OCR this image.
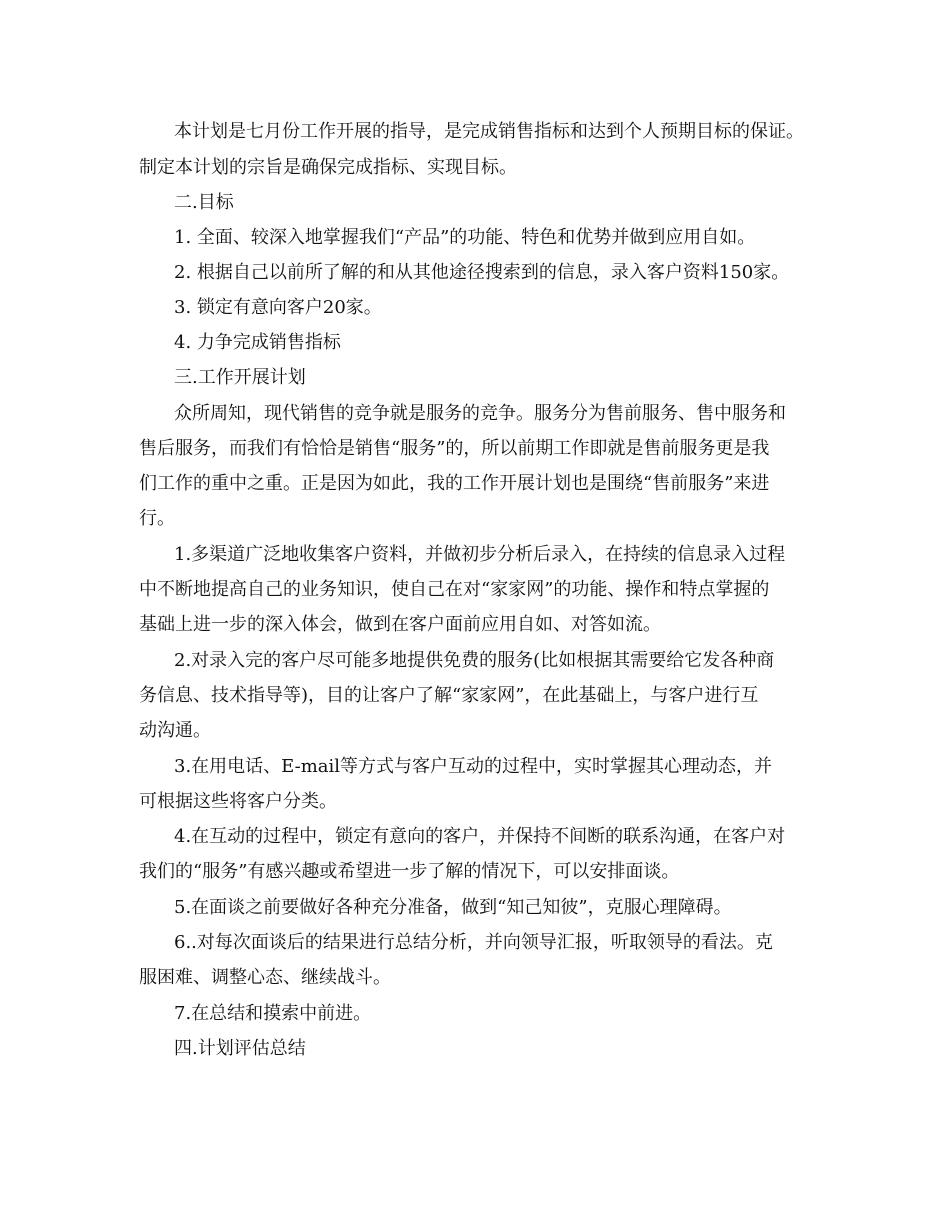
本计划是七月份工作开展的指导，是完成销售指标和达到个人预期目标的保证。
制定本计划的宗旨是确保完成指标、实现目标。
二.目标
1. 全面、较深入地掌握我们“产品”的功能、特色和优势并做到应用自如。
2. 根据自己以前所了解的和从其他途径搜索到的信息，录入客户资料150家。
3. 锁定有意向客户20家。
4. 力争完成销售指标
三.工作开展计划
众所周知，现代销售的竞争就是服务的竞争。服务分为售前服务、售中服务和
售后服务，而我们有恰恰是销售“服务”的，所以前期工作即就是售前服务更是我
们工作的重中之重。正是因为如此，我的工作开展计划也是围绕“售前服务”来进
行。
1.多渠道广泛地收集客户资料，并做初步分析后录入，在持续的信息录入过程
中不断地提高自己的业务知识，使自己在对“家家网”的功能、操作和特点掌握的
基础上进一步的深入体会，做到在客户面前应用自如、对答如流。
2.对录入完的客户尽可能多地提供免费的服务(比如根据其需要给它发各种商
务信息、技术指导等)，目的让客户了解“家家网”，在此基础上，与客户进行互
动沟通。
3.在用电话、E-mail等方式与客户互动的过程中，实时掌握其心理动态，并
可根据这些将客户分类。
4.在互动的过程中，锁定有意向的客户，并保持不间断的联系沟通，在客户对
我们的“服务”有感兴趣或希望进一步了解的情况下，可以安排面谈。
5.在面谈之前要做好各种充分准备，做到“知己知彼”，克服心理障碍。
6..对每次面谈后的结果进行总结分析，并向领导汇报，听取领导的看法。克
服困难、调整心态、继续战斗。
7.在总结和摸索中前进。
四.计划评估总结
